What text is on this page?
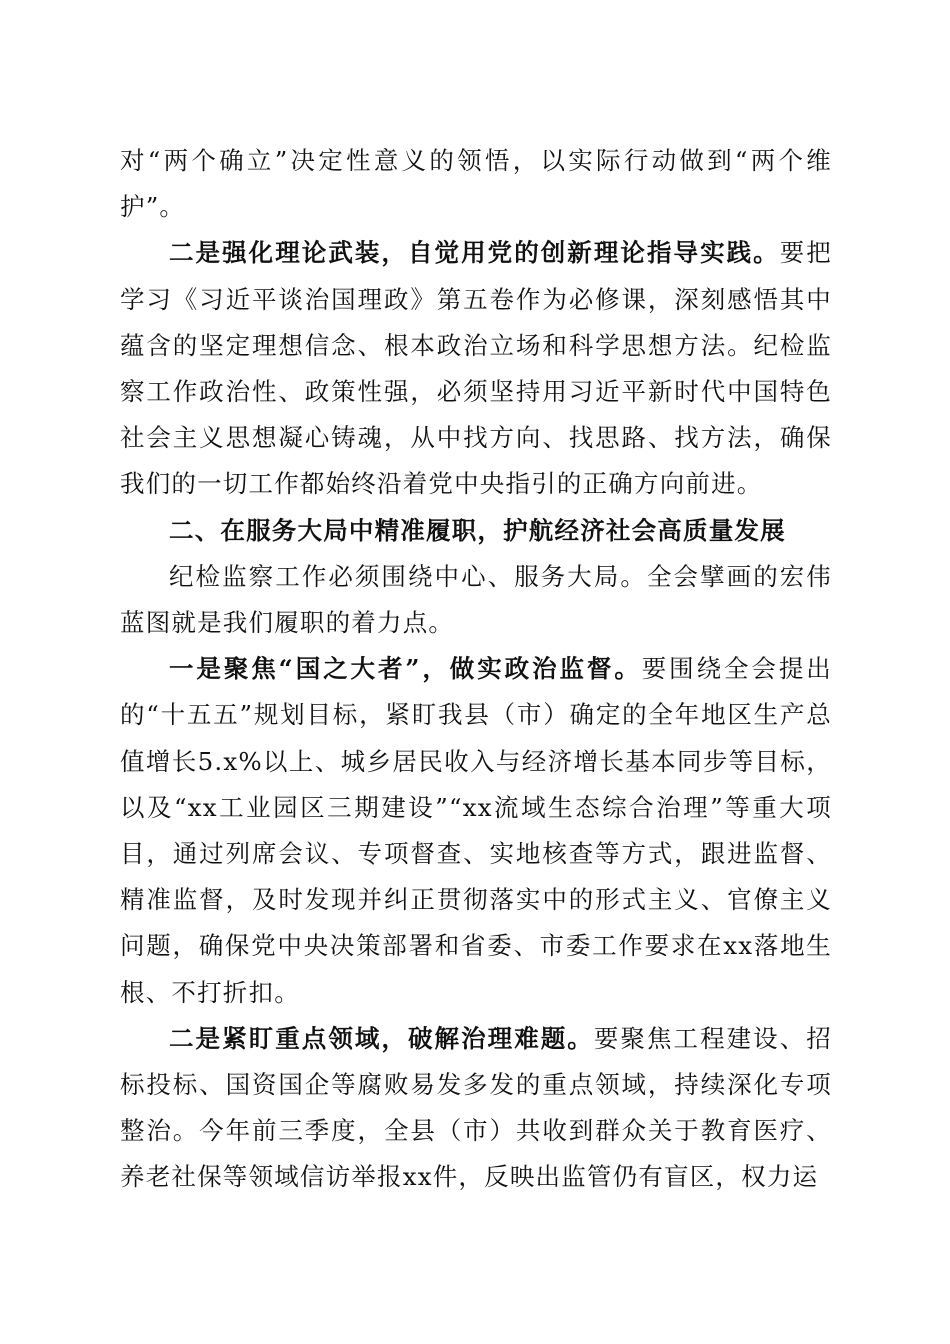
对“两个确立”决定性意义的领悟，以实际行动做到“两个维护”。

二是强化理论武装，自觉用党的创新理论指导实践。要把学习《习近平谈治国理政》第五卷作为必修课，深刻感悟其中蕴含的坚定理想信念、根本政治立场和科学思想方法。纪检监察工作政治性、政策性强，必须坚持用习近平新时代中国特色社会主义思想凝心铸魂，从中找方向、找思路、找方法，确保我们的一切工作都始终沿着党中央指引的正确方向前进。

二、在服务大局中精准履职，护航经济社会高质量发展

纪检监察工作必须围绕中心、服务大局。全会擘画的宏伟蓝图就是我们履职的着力点。

一是聚焦“国之大者”，做实政治监督。要围绕全会提出的“十五五”规划目标，紧盯我县（市）确定的全年地区生产总值增长5.x%以上、城乡居民收入与经济增长基本同步等目标，以及“xx工业园区三期建设”“xx流域生态综合治理”等重大项目，通过列席会议、专项督查、实地核查等方式，跟进监督、精准监督，及时发现并纠正贯彻落实中的形式主义、官僚主义问题，确保党中央决策部署和省委、市委工作要求在xx落地生根、不打折扣。

二是紧盯重点领域，破解治理难题。要聚焦工程建设、招标投标、国资国企等腐败易发多发的重点领域，持续深化专项整治。今年前三季度，全县（市）共收到群众关于教育医疗、养老社保等领域信访举报xx件，反映出监管仍有盲区，权力运
